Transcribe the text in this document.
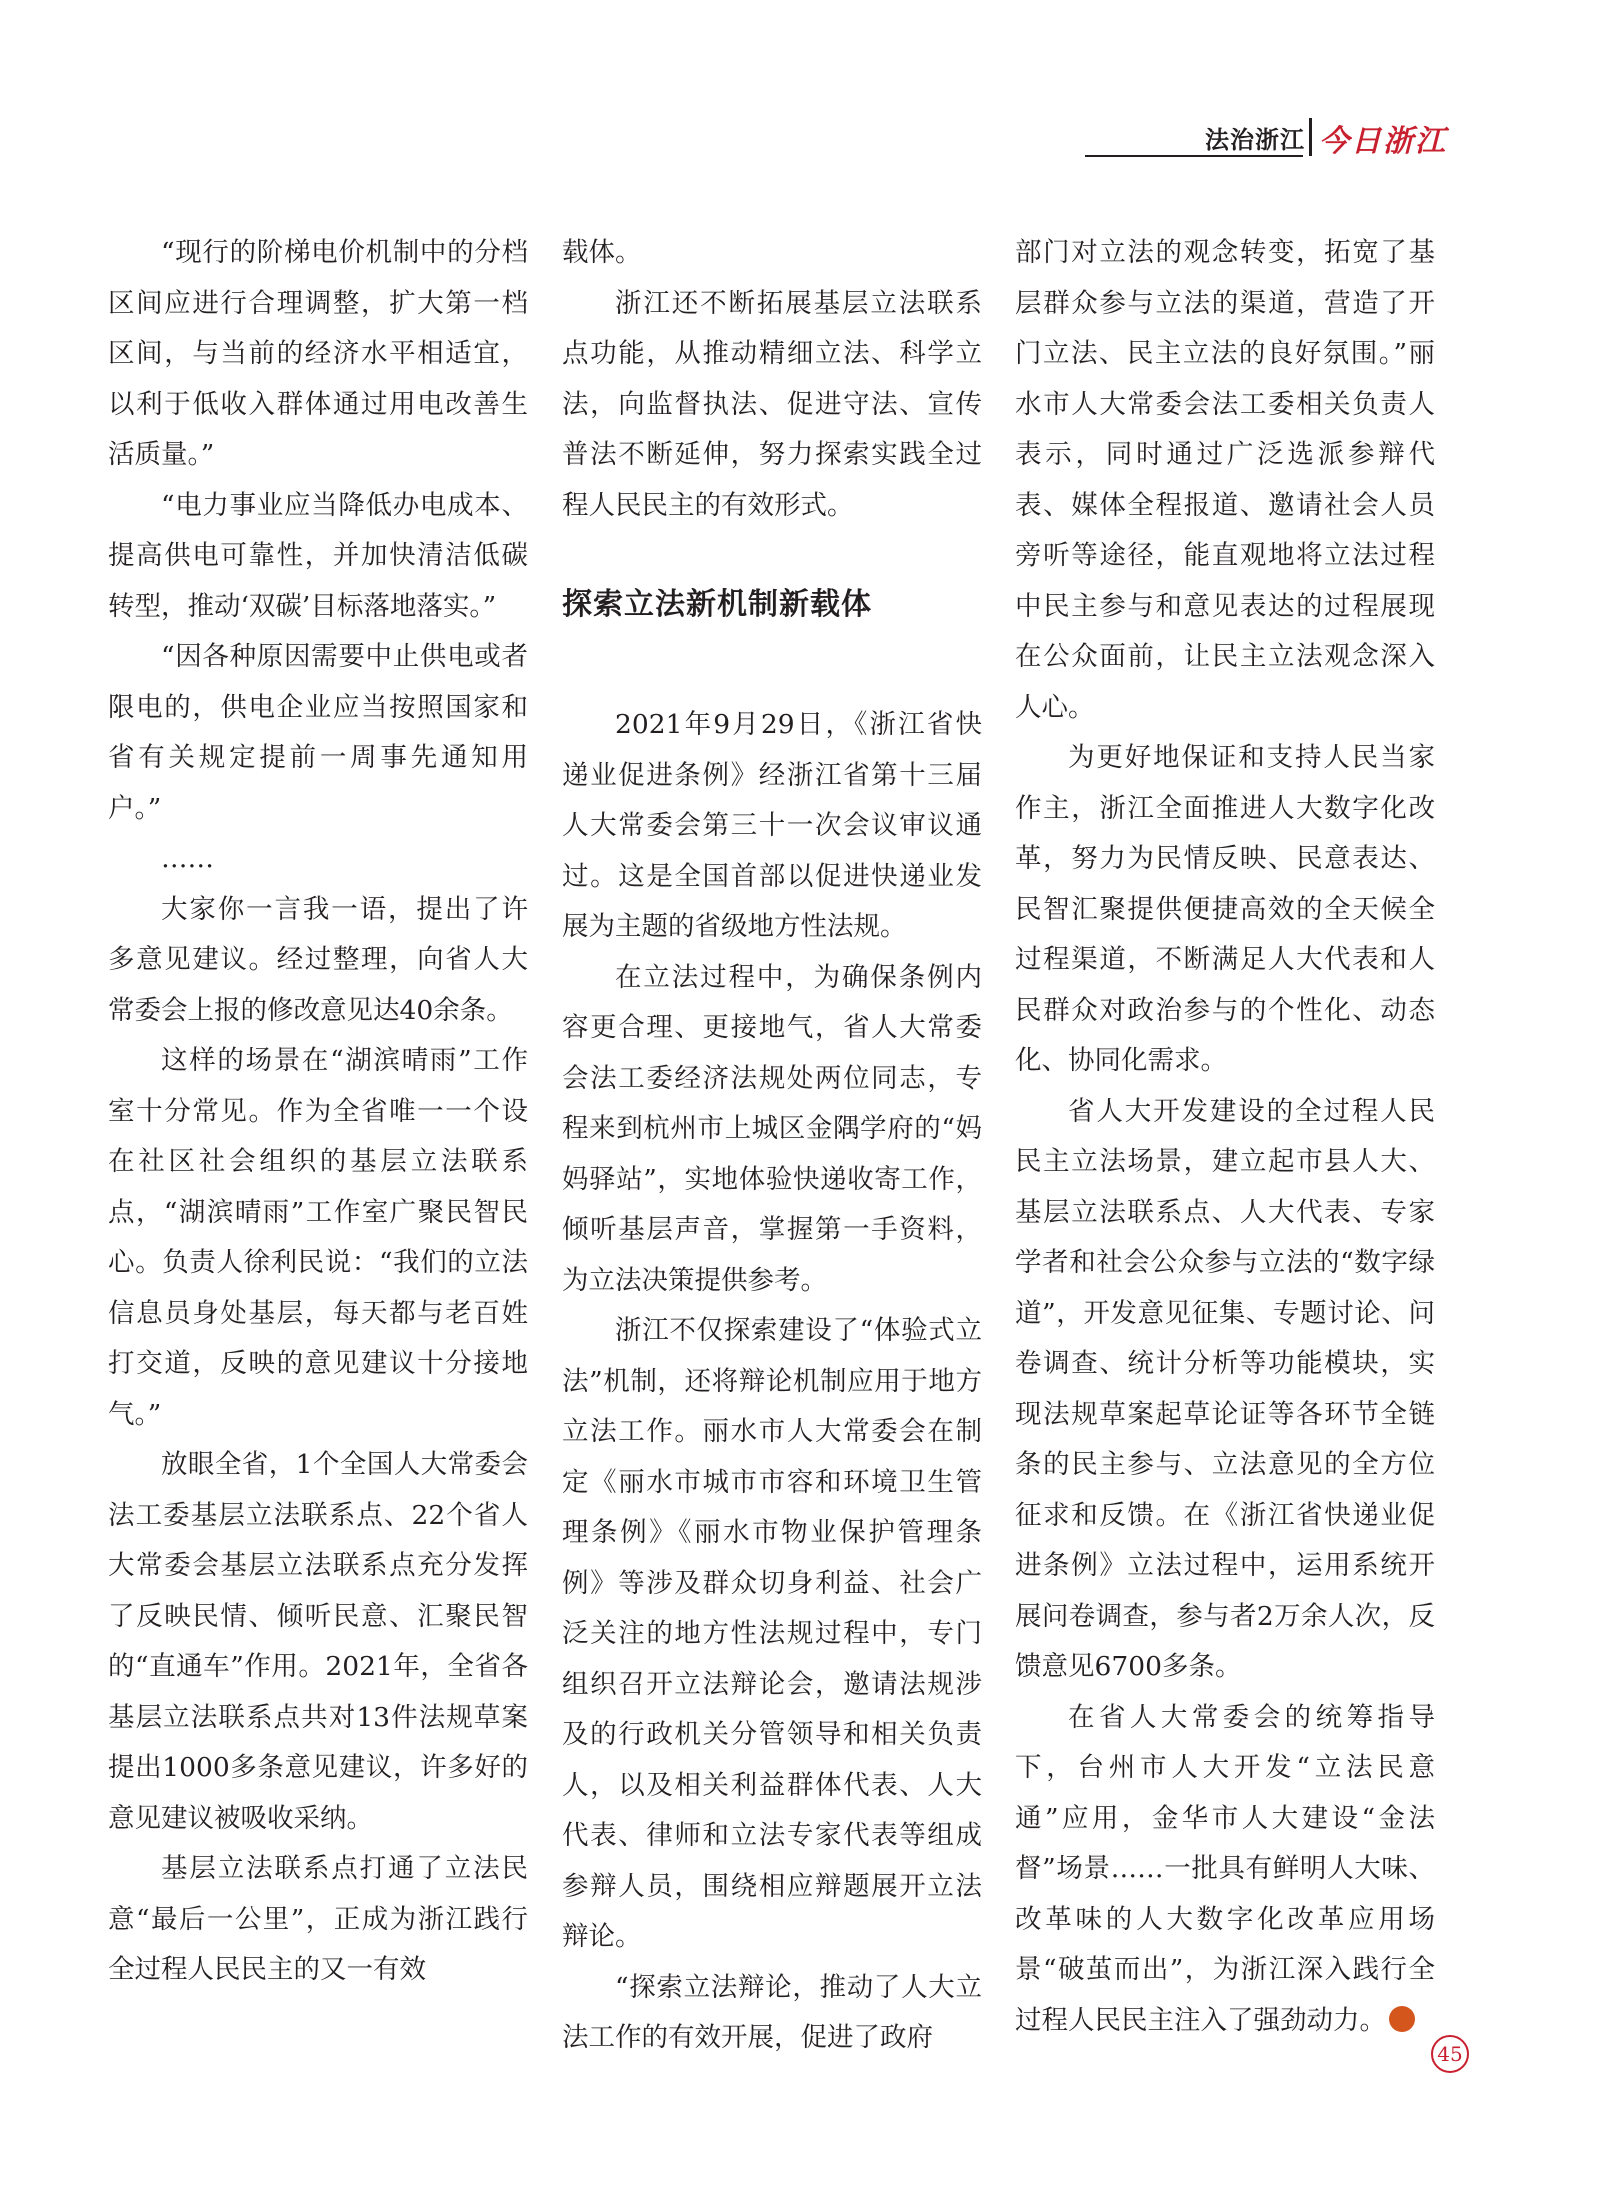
法治浙江 今日浙江

“现行的阶梯电价机制中的分档区间应进行合理调整，扩大第一档区间，与当前的经济水平相适宜，以利于低收入群体通过用电改善生活质量。”

“电力事业应当降低办电成本、提高供电可靠性，并加快清洁低碳转型，推动‘双碳’目标落地落实。”

“因各种原因需要中止供电或者限电的，供电企业应当按照国家和省有关规定提前一周事先通知用户。”

……

大家你一言我一语，提出了许多意见建议。经过整理，向省人大常委会上报的修改意见达40余条。

这样的场景在“湖滨晴雨”工作室十分常见。作为全省唯一一个设在社区社会组织的基层立法联系点，“湖滨晴雨”工作室广聚民智民心。负责人徐利民说：“我们的立法信息员身处基层，每天都与老百姓打交道，反映的意见建议十分接地气。”

放眼全省，1个全国人大常委会法工委基层立法联系点、22个省人大常委会基层立法联系点充分发挥了反映民情、倾听民意、汇聚民智的“直通车”作用。2021年，全省各基层立法联系点共对13件法规草案提出1000多条意见建议，许多好的意见建议被吸收采纳。

基层立法联系点打通了立法民意“最后一公里”，正成为浙江践行全过程人民民主的又一有效

载体。

浙江还不断拓展基层立法联系点功能，从推动精细立法、科学立法，向监督执法、促进守法、宣传普法不断延伸，努力探索实践全过程人民民主的有效形式。

探索立法新机制新载体

2021年9月29日，《浙江省快递业促进条例》经浙江省第十三届人大常委会第三十一次会议审议通过。这是全国首部以促进快递业发展为主题的省级地方性法规。

在立法过程中，为确保条例内容更合理、更接地气，省人大常委会法工委经济法规处两位同志，专程来到杭州市上城区金隅学府的“妈妈驿站”，实地体验快递收寄工作，倾听基层声音，掌握第一手资料，为立法决策提供参考。

浙江不仅探索建设了“体验式立法”机制，还将辩论机制应用于地方立法工作。丽水市人大常委会在制定《丽水市城市市容和环境卫生管理条例》《丽水市物业保护管理条例》等涉及群众切身利益、社会广泛关注的地方性法规过程中，专门组织召开立法辩论会，邀请法规涉及的行政机关分管领导和相关负责人，以及相关利益群体代表、人大代表、律师和立法专家代表等组成参辩人员，围绕相应辩题展开立法辩论。

“探索立法辩论，推动了人大立法工作的有效开展，促进了政府

部门对立法的观念转变，拓宽了基层群众参与立法的渠道，营造了开门立法、民主立法的良好氛围。”丽水市人大常委会法工委相关负责人表示，同时通过广泛选派参辩代表、媒体全程报道、邀请社会人员旁听等途径，能直观地将立法过程中民主参与和意见表达的过程展现在公众面前，让民主立法观念深入人心。

为更好地保证和支持人民当家作主，浙江全面推进人大数字化改革，努力为民情反映、民意表达、民智汇聚提供便捷高效的全天候全过程渠道，不断满足人大代表和人民群众对政治参与的个性化、动态化、协同化需求。

省人大开发建设的全过程人民民主立法场景，建立起市县人大、基层立法联系点、人大代表、专家学者和社会公众参与立法的“数字绿道”，开发意见征集、专题讨论、问卷调查、统计分析等功能模块，实现法规草案起草论证等各环节全链条的民主参与、立法意见的全方位征求和反馈。在《浙江省快递业促进条例》立法过程中，运用系统开展问卷调查，参与者2万余人次，反馈意见6700多条。

在省人大常委会的统筹指导下，台州市人大开发“立法民意通”应用，金华市人大建设“金法督”场景……一批具有鲜明人大味、改革味的人大数字化改革应用场景“破茧而出”，为浙江深入践行全过程人民民主注入了强劲动力。

45
